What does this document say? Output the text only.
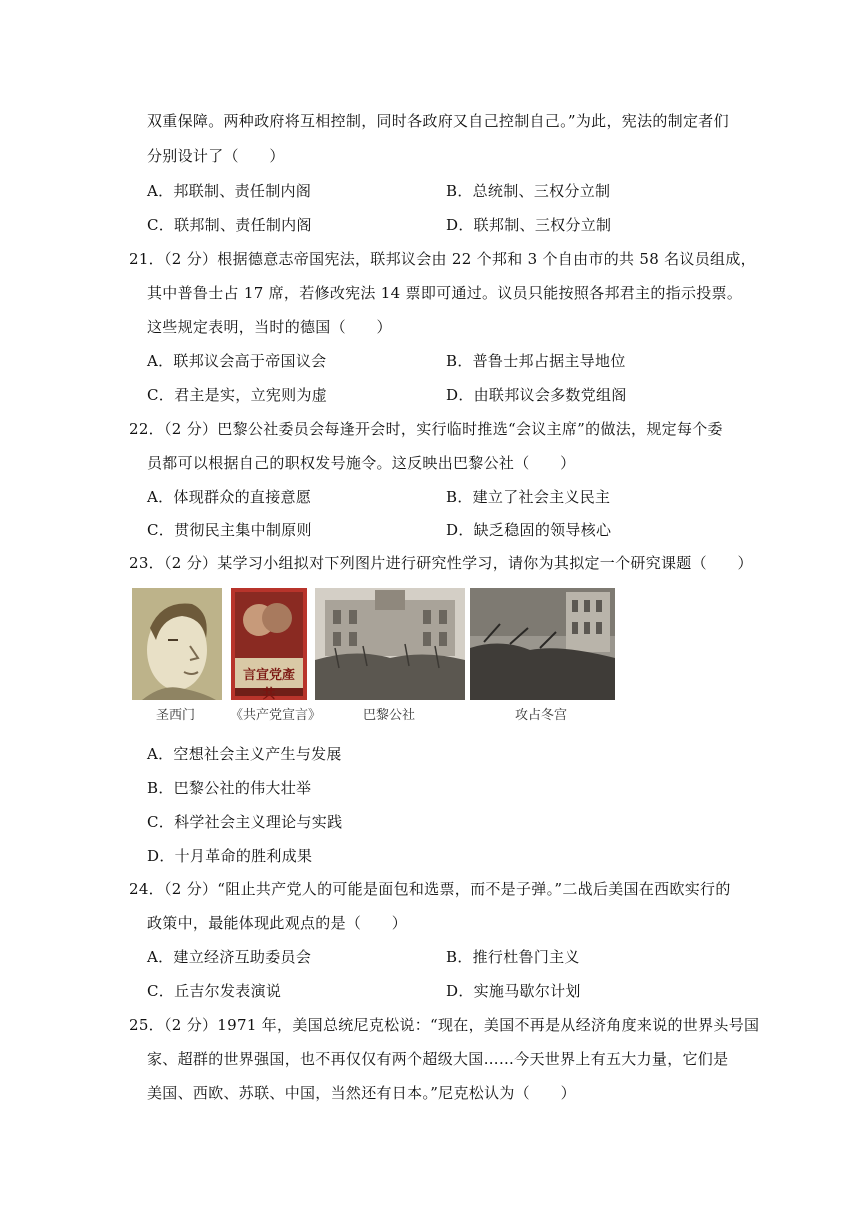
双重保障。两种政府将互相控制，同时各政府又自己控制自己。”为此，宪法的制定者们
分别设计了（　　）
A．邦联制、责任制内阁	B．总统制、三权分立制
C．联邦制、责任制内阁	D．联邦制、三权分立制
21．（2 分）根据德意志帝国宪法，联邦议会由 22 个邦和 3 个自由市的共 58 名议员组成，
其中普鲁士占 17 席，若修改宪法 14 票即可通过。议员只能按照各邦君主的指示投票。
这些规定表明，当时的德国（　　）
A．联邦议会高于帝国议会	B．普鲁士邦占据主导地位
C．君主是实，立宪则为虚	D．由联邦议会多数党组阁
22．（2 分）巴黎公社委员会每逢开会时，实行临时推选“会议主席”的做法，规定每个委
员都可以根据自己的职权发号施令。这反映出巴黎公社（　　）
A．体现群众的直接意愿	B．建立了社会主义民主
C．贯彻民主集中制原则	D．缺乏稳固的领导核心
23．（2 分）某学习小组拟对下列图片进行研究性学习，请你为其拟定一个研究课题（　　）
言宣党產共
圣西门	《共产党宣言》	巴黎公社	攻占冬宫
A．空想社会主义产生与发展
B．巴黎公社的伟大壮举
C．科学社会主义理论与实践
D．十月革命的胜利成果
24．（2 分）“阻止共产党人的可能是面包和选票，而不是子弹。”二战后美国在西欧实行的
政策中，最能体现此观点的是（　　）
A．建立经济互助委员会	B．推行杜鲁门主义
C．丘吉尔发表演说	D．实施马歇尔计划
25．（2 分）1971 年，美国总统尼克松说：“现在，美国不再是从经济角度来说的世界头号国
家、超群的世界强国，也不再仅仅有两个超级大国……今天世界上有五大力量，它们是
美国、西欧、苏联、中国，当然还有日本。”尼克松认为（　　）
